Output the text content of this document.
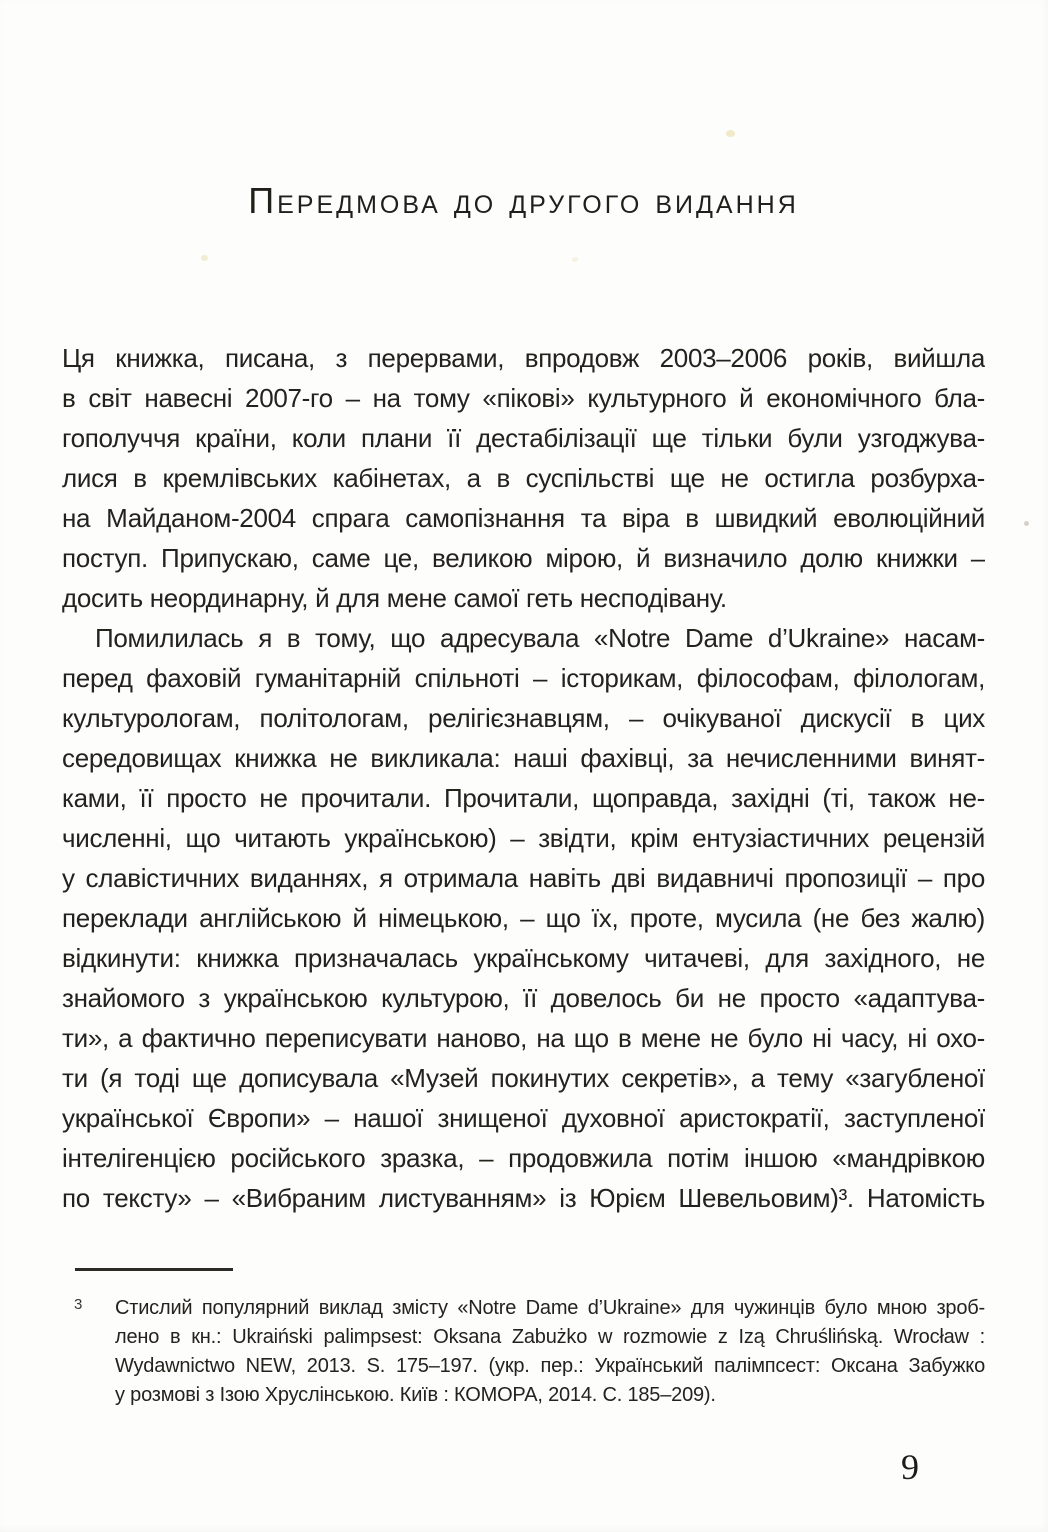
Передмова до другого видання
Ця книжка, писана, з перервами, впродовж 2003–2006 років, вийшла
в світ навесні 2007-го – на тому «пікові» культурного й економічного бла-
гополуччя країни, коли плани її дестабілізації ще тільки були узгоджува-
лися в кремлівських кабінетах, а в суспільстві ще не остигла розбурха-
на Майданом-2004 спрага самопізнання та віра в швидкий еволюційний
поступ. Припускаю, саме це, великою мірою, й визначило долю книжки –
досить неординарну, й для мене самої геть несподівану.
Помилилась я в тому, що адресувала «Notre Dame d’Ukraine» насам-
перед фаховій гуманітарній спільноті – історикам, філософам, філологам,
культурологам, політологам, релігієзнавцям, – очікуваної дискусії в цих
середовищах книжка не викликала: наші фахівці, за нечисленними винят-
ками, її просто не прочитали. Прочитали, щоправда, західні (ті, також не-
численні, що читають українською) – звідти, крім ентузіастичних рецензій
у славістичних виданнях, я отримала навіть дві видавничі пропозиції – про
переклади англійською й німецькою, – що їх, проте, мусила (не без жалю)
відкинути: книжка призначалась українському читачеві, для західного, не
знайомого з українською культурою, її довелось би не просто «адаптува-
ти», а фактично переписувати наново, на що в мене не було ні часу, ні охо-
ти (я тоді ще дописувала «Музей покинутих секретів», а тему «загубленої
української Європи» – нашої знищеної духовної аристократії, заступленої
інтелігенцією російського зразка, – продовжила потім іншою «мандрівкою
по тексту» – «Вибраним листуванням» із Юрієм Шевельовим)³. Натомість
3 Стислий популярний виклад змісту «Notre Dame d’Ukraine» для чужинців було мною зроб-
лено в кн.: Ukraiński palimpsest: Oksana Zabużko w rozmowie z Izą Chruślińską. Wrocław :
Wydawnictwo NEW, 2013. S. 175–197. (укр. пер.: Український палімпсест: Оксана Забужко
у розмові з Ізою Хруслінською. Київ : КОМОРА, 2014. С. 185–209).
9
